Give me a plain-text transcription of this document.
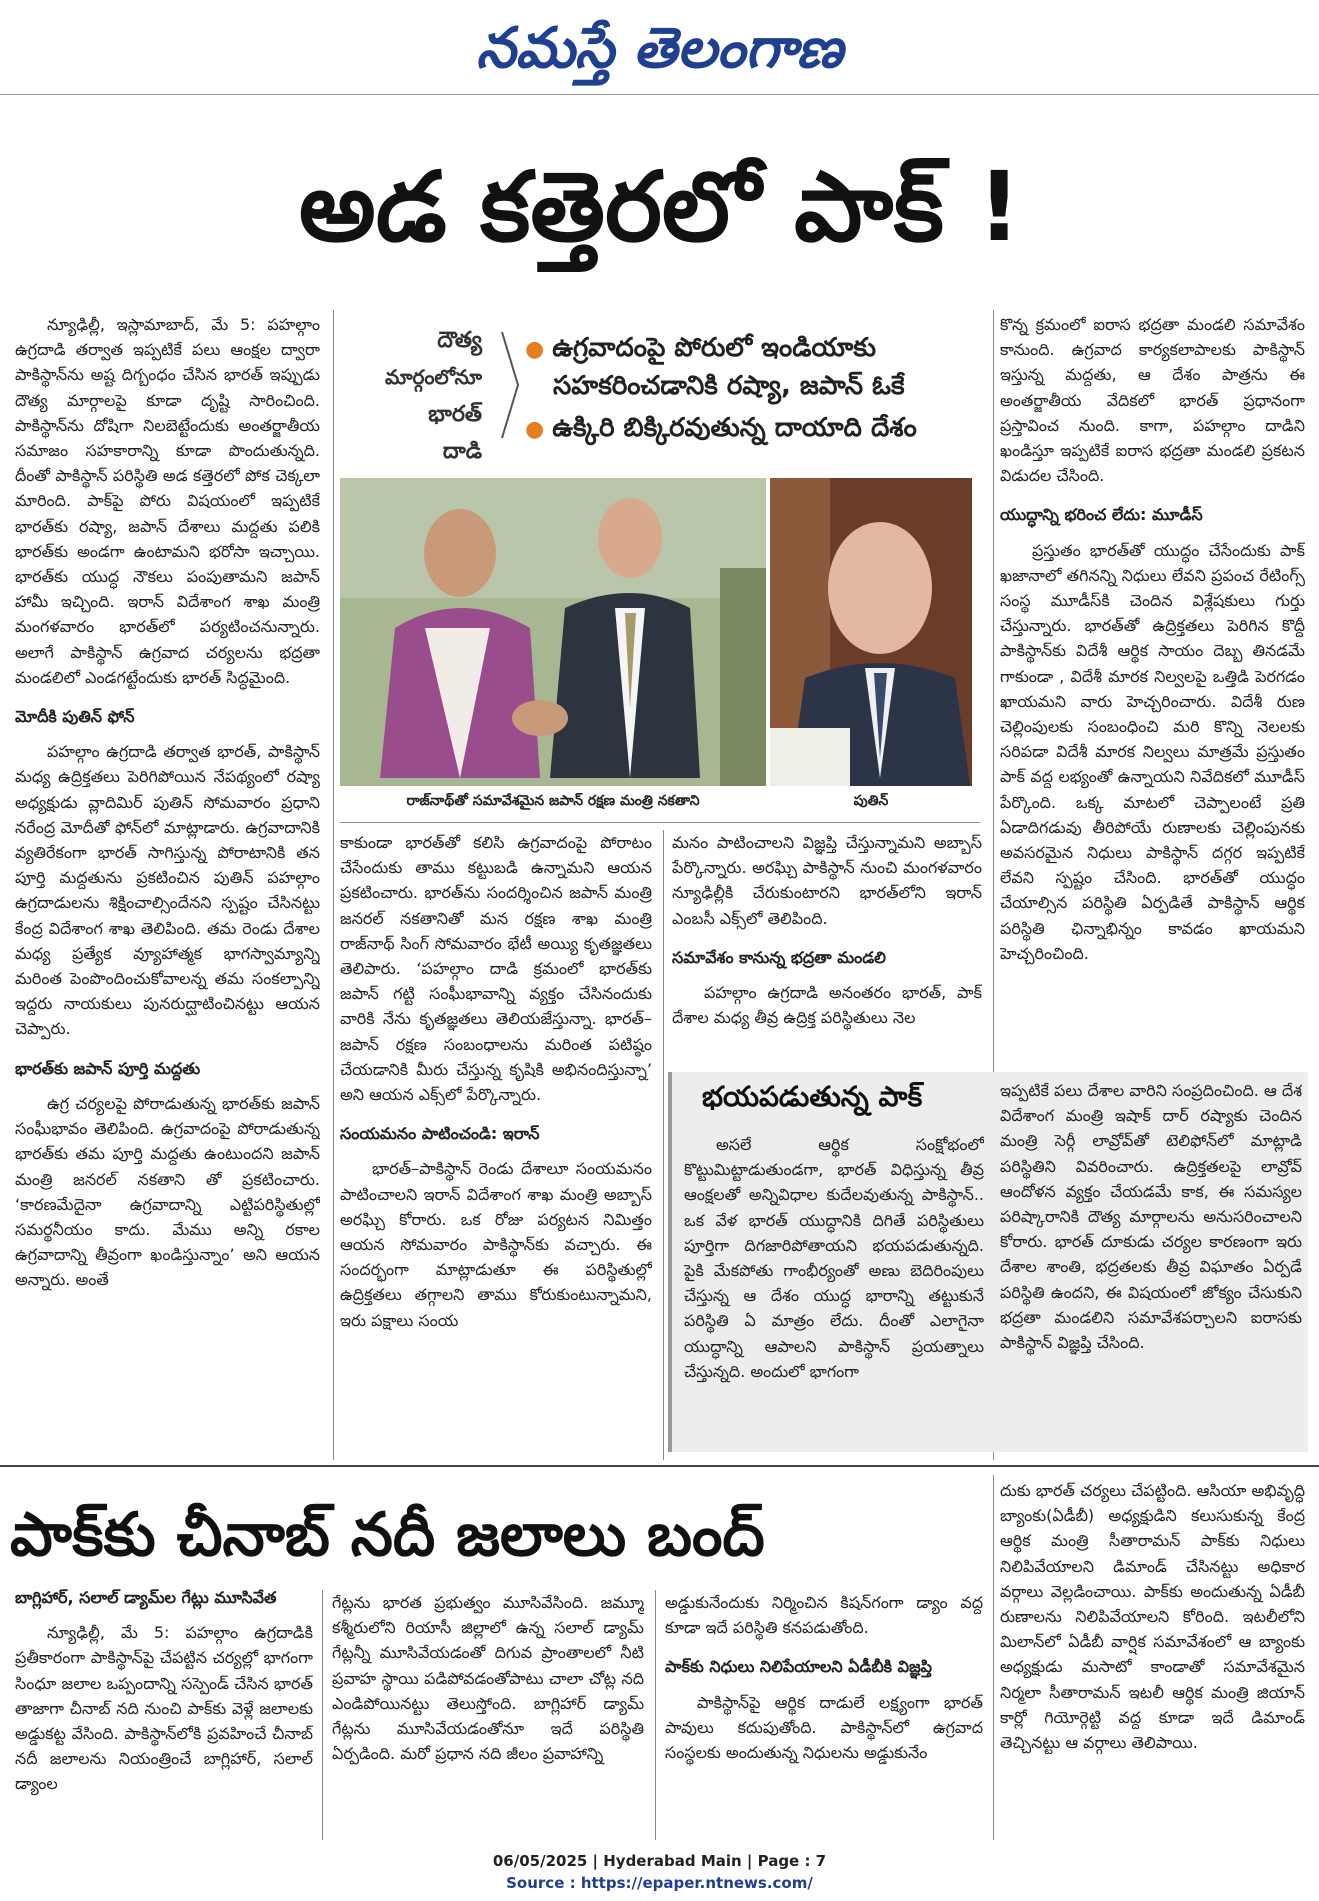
నమస్తే తెలంగాణ
అడ కత్తెరలో పాక్ !

న్యూఢిల్లీ, ఇస్లామాబాద్, మే 5: పహల్గాం ఉగ్రదాడి తర్వాత ఇప్పటికే పలు ఆంక్షల ద్వారా పాకిస్థాన్‌ను అష్ట దిగ్బంధం చేసిన భారత్ ఇప్పుడు దౌత్య మార్గాలపై కూడా దృష్టి సారించింది. పాకిస్థాన్‌ను దోషిగా నిలబెట్టేందుకు అంతర్జాతీయ సమాజం సహకారాన్ని కూడా పొందుతున్నది. దీంతో పాకిస్థాన్ పరిస్థితి అడ కత్తెరలో పోక చెక్కలా మారింది. పాక్‌పై పోరు విషయంలో ఇప్పటికే భారత్‌కు రష్యా, జపాన్ దేశాలు మద్దతు పలికి భారత్‌కు అండగా ఉంటామని భరోసా ఇచ్చాయి. భారత్‌కు యుద్ధ నౌకలు పంపుతామని జపాన్ హామీ ఇచ్చింది. ఇరాన్ విదేశాంగ శాఖ మంత్రి మంగళవారం భారత్‌లో పర్యటించనున్నారు. అలాగే పాకిస్థాన్ ఉగ్రవాద చర్యలను భద్రతా మండలిలో ఎండగట్టేందుకు భారత్ సిద్ధమైంది.

మోదీకి పుతిన్ ఫోన్

పహల్గాం ఉగ్రదాడి తర్వాత భారత్, పాకిస్థాన్ మధ్య ఉద్రిక్తతలు పెరిగిపోయిన నేపథ్యంలో రష్యా అధ్యక్షుడు వ్లాదిమిర్ పుతిన్ సోమవారం ప్రధాని నరేంద్ర మోదీతో ఫోన్‌లో మాట్లాడారు. ఉగ్రవాదానికి వ్యతిరేకంగా భారత్ సాగిస్తున్న పోరాటానికి తన పూర్తి మద్దతును ప్రకటించిన పుతిన్ పహల్గాం ఉగ్రదాడులను శిక్షించాల్సిందేనని స్పష్టం చేసినట్టు కేంద్ర విదేశాంగ శాఖ తెలిపింది. తమ రెండు దేశాల మధ్య ప్రత్యేక వ్యూహాత్మక భాగస్వామ్యాన్ని మరింత పెంపొందించుకోవాలన్న తమ సంకల్పాన్ని ఇద్దరు నాయకులు పునరుద్ఘాటించినట్టు ఆయన చెప్పారు.

భారత్‌కు జపాన్ పూర్తి మద్దతు

ఉగ్ర చర్యలపై పోరాడుతున్న భారత్‌కు జపాన్ సంఘీభావం తెలిపింది. ఉగ్రవాదంపై పోరాడుతున్న భారత్‌కు తమ పూర్తి మద్దతు ఉంటుందని జపాన్ మంత్రి జనరల్ నకతాని తో ప్రకటించారు. ‘కారణమేదైనా ఉగ్రవాదాన్ని ఎట్టిపరిస్థితుల్లో సమర్థనీయం కాదు. మేము అన్ని రకాల ఉగ్రవాదాన్ని తీవ్రంగా ఖండిస్తున్నాం’ అని ఆయన అన్నారు. అంతే

దౌత్య
మార్గంలోనూ
భారత్ దాడి
● ఉగ్రవాదంపై పోరులో ఇండియాకు
సహకరించడానికి రష్యా, జపాన్ ఓకే
● ఉక్కిరి బిక్కిరవుతున్న దాయాది దేశం
రాజ్‌నాథ్‌తో సమావేశమైన జపాన్ రక్షణ మంత్రి నకతాని	పుతిన్

కాకుండా భారత్‌తో కలిసి ఉగ్రవాదంపై పోరాటం చేసేందుకు తాము కట్టుబడి ఉన్నామని ఆయన ప్రకటించారు. భారత్‌ను సందర్శించిన జపాన్ మంత్రి జనరల్ నకతానితో మన రక్షణ శాఖ మంత్రి రాజ్‌నాథ్ సింగ్ సోమవారం భేటీ అయ్యి కృతజ్ఞతలు తెలిపారు. ‘పహల్గాం దాడి క్రమంలో భారత్‌కు జపాన్ గట్టి సంఘీభావాన్ని వ్యక్తం చేసినందుకు వారికి నేను కృతజ్ఞతలు తెలియజేస్తున్నా. భారత్–జపాన్ రక్షణ సంబంధాలను మరింత పటిష్ఠం చేయడానికి మీరు చేస్తున్న కృషికి అభినందిస్తున్నా’ అని ఆయన ఎక్స్‌లో పేర్కొన్నారు.

సంయమనం పాటించండి: ఇరాన్

భారత్–పాకిస్థాన్ రెండు దేశాలూ సంయమనం పాటించాలని ఇరాన్ విదేశాంగ శాఖ మంత్రి అబ్బాస్ అరఘ్చి కోరారు. ఒక రోజు పర్యటన నిమిత్తం ఆయన సోమవారం పాకిస్థాన్‌కు వచ్చారు. ఈ సందర్భంగా మాట్లాడుతూ ఈ పరిస్థితుల్లో ఉద్రిక్తతలు తగ్గాలని తాము కోరుకుంటున్నామని, ఇరు పక్షాలు సంయ

మనం పాటించాలని విజ్ఞప్తి చేస్తున్నామని అబ్బాస్ పేర్కొన్నారు. అరఘ్చి పాకిస్థాన్ నుంచి మంగళవారం న్యూఢిల్లీకి చేరుకుంటారని భారత్‌లోని ఇరాన్ ఎంబసీ ఎక్స్‌లో తెలిపింది.

సమావేశం కానున్న భద్రతా మండలి

పహల్గాం ఉగ్రదాడి అనంతరం భారత్, పాక్ దేశాల మధ్య తీవ్ర ఉద్రిక్త పరిస్థితులు నెల

కొన్న క్రమంలో ఐరాస భద్రతా మండలి సమావేశం కానుంది. ఉగ్రవాద కార్యకలాపాలకు పాకిస్థాన్ ఇస్తున్న మద్దతు, ఆ దేశం పాత్రను ఈ అంతర్జాతీయ వేదికలో భారత్ ప్రధానంగా ప్రస్తావించ నుంది. కాగా, పహల్గాం దాడిని ఖండిస్తూ ఇప్పటికే ఐరాస భద్రతా మండలి ప్రకటన విడుదల చేసింది.

యుద్ధాన్ని భరించ లేదు: మూడీస్

ప్రస్తుతం భారత్‌తో యుద్ధం చేసేందుకు పాక్ ఖజానాలో తగినన్ని నిధులు లేవని ప్రపంచ రేటింగ్స్ సంస్థ మూడీస్‌కి చెందిన విశ్లేషకులు గుర్తు చేస్తున్నారు. భారత్‌తో ఉద్రిక్తతలు పెరిగిన కొద్దీ పాకిస్థాన్‌కు విదేశీ ఆర్థిక సాయం దెబ్బ తినడమే గాకుండా , విదేశీ మారక నిల్వలపై ఒత్తిడి పెరగడం ఖాయమని వారు హెచ్చరించారు. విదేశీ రుణ చెల్లింపులకు సంబంధించి మరి కొన్ని నెలలకు సరిపడా విదేశీ మారక నిల్వలు మాత్రమే ప్రస్తుతం పాక్ వద్ద లభ్యంతో ఉన్నాయని నివేదికలో మూడీస్ పేర్కొంది. ఒక్క మాటలో చెప్పాలంటే ప్రతి ఏడాదిగడువు తీరిపోయే రుణాలకు చెల్లింపునకు అవసరమైన నిధులు పాకిస్థాన్ దగ్గర ఇప్పటికే లేవని స్పష్టం చేసింది. భారత్‌తో యుద్ధం చేయాల్సిన పరిస్థితి ఏర్పడితే పాకిస్థాన్ ఆర్థిక పరిస్థితి ఛిన్నాభిన్నం కావడం ఖాయమని హెచ్చరించింది.

భయపడుతున్న పాక్

అసలే ఆర్థిక సంక్షోభంలో కొట్టుమిట్టాడుతుండగా, భారత్ విధిస్తున్న తీవ్ర ఆంక్షలతో అన్నివిధాల కుదేలవుతున్న పాకిస్థాన్.. ఒక వేళ భారత్ యుద్ధానికి దిగితే పరిస్థితులు పూర్తిగా దిగజారిపోతాయని భయపడుతున్నది. పైకి మేకపోతు గాంభీర్యంతో అణు బెదిరింపులు చేస్తున్న ఆ దేశం యుద్ధ భారాన్ని తట్టుకునే పరిస్థితి ఏ మాత్రం లేదు. దీంతో ఎలాగైనా యుద్ధాన్ని ఆపాలని పాకిస్థాన్ ప్రయత్నాలు చేస్తున్నది. అందులో భాగంగా

ఇప్పటికే పలు దేశాల వారిని సంప్రదించింది. ఆ దేశ విదేశాంగ మంత్రి ఇషాక్ దార్ రష్యాకు చెందిన మంత్రి సెర్గీ లావ్రోవ్‌తో టెలిఫోన్‌లో మాట్లాడి పరిస్థితిని వివరించారు. ఉద్రిక్తతలపై లావ్రోవ్ ఆందోళన వ్యక్తం చేయడమే కాక, ఈ సమస్యల పరిష్కారానికి దౌత్య మార్గాలను అనుసరించాలని కోరారు. భారత్ దూకుడు చర్యల కారణంగా ఇరు దేశాల శాంతి, భద్రతలకు తీవ్ర విఘాతం ఏర్పడే పరిస్థితి ఉందని, ఈ విషయంలో జోక్యం చేసుకుని భద్రతా మండలిని సమావేశపర్చాలని ఐరాసకు పాకిస్థాన్ విజ్ఞప్తి చేసింది.

పాక్‌కు చీనాబ్ నదీ జలాలు బంద్
బాగ్లిహార్, సలాల్ డ్యామ్‌ల గేట్లు మూసివేత

న్యూఢిల్లీ, మే 5: పహల్గాం ఉగ్రదాడికి ప్రతీకారంగా పాకిస్థాన్‌పై చేపట్టిన చర్యల్లో భాగంగా సింధూ జలాల ఒప్పందాన్ని సస్పెండ్ చేసిన భారత్ తాజాగా చీనాబ్ నది నుంచి పాక్‌కు వెళ్లే జలాలకు అడ్డుకట్ట వేసింది. పాకిస్థాన్‌లోకి ప్రవహించే చీనాబ్ నదీ జలాలను నియంత్రించే బాగ్లిహార్, సలాల్ డ్యాంల

గేట్లను భారత ప్రభుత్వం మూసివేసింది. జమ్మూ కశ్మీరులోని రియాసీ జిల్లాలో ఉన్న సలాల్ డ్యామ్ గేట్లన్నీ మూసివేయడంతో దిగువ ప్రాంతాలలో నీటి ప్రవాహ స్థాయి పడిపోవడంతోపాటు చాలా చోట్ల నది ఎండిపోయినట్టు తెలుస్తోంది. బాగ్లిహార్ డ్యామ్ గేట్లను మూసివేయడంతోనూ ఇదే పరిస్థితి ఏర్పడింది. మరో ప్రధాన నది జీలం ప్రవాహాన్ని

అడ్డుకునేందుకు నిర్మించిన కిషన్‌గంగా డ్యాం వద్ద కూడా ఇదే పరిస్థితి కనపడుతోంది.

పాక్‌కు నిధులు నిలిపేయాలని ఏడీబీకి విజ్ఞప్తి

పాకిస్థాన్‌పై ఆర్థిక దాడులే లక్ష్యంగా భారత్ పావులు కదుపుతోంది. పాకిస్థాన్‌లో ఉగ్రవాద సంస్థలకు అందుతున్న నిధులను అడ్డుకునేం

దుకు భారత్ చర్యలు చేపట్టింది. ఆసియా అభివృద్ధి బ్యాంకు(ఏడీబీ) అధ్యక్షుడిని కలుసుకున్న కేంద్ర ఆర్థిక మంత్రి సీతారామన్ పాక్‌కు నిధులు నిలిపివేయాలని డిమాండ్ చేసినట్టు అధికార వర్గాలు వెల్లడించాయి. పాక్‌కు అందుతున్న ఏడీబీ రుణాలను నిలిపివేయాలని కోరింది. ఇటలీలోని మిలాన్‌లో ఏడీబీ వార్షిక సమావేశంలో ఆ బ్యాంకు అధ్యక్షుడు మసాటో కాండాతో సమావేశమైన నిర్మలా సీతారామన్ ఇటలీ ఆర్థిక మంత్రి జియాన్ కార్లో గియోర్గెట్టి వద్ద కూడా ఇదే డిమాండ్ తెచ్చినట్టు ఆ వర్గాలు తెలిపాయి.

06/05/2025 | Hyderabad Main | Page : 7
Source : https://epaper.ntnews.com/
